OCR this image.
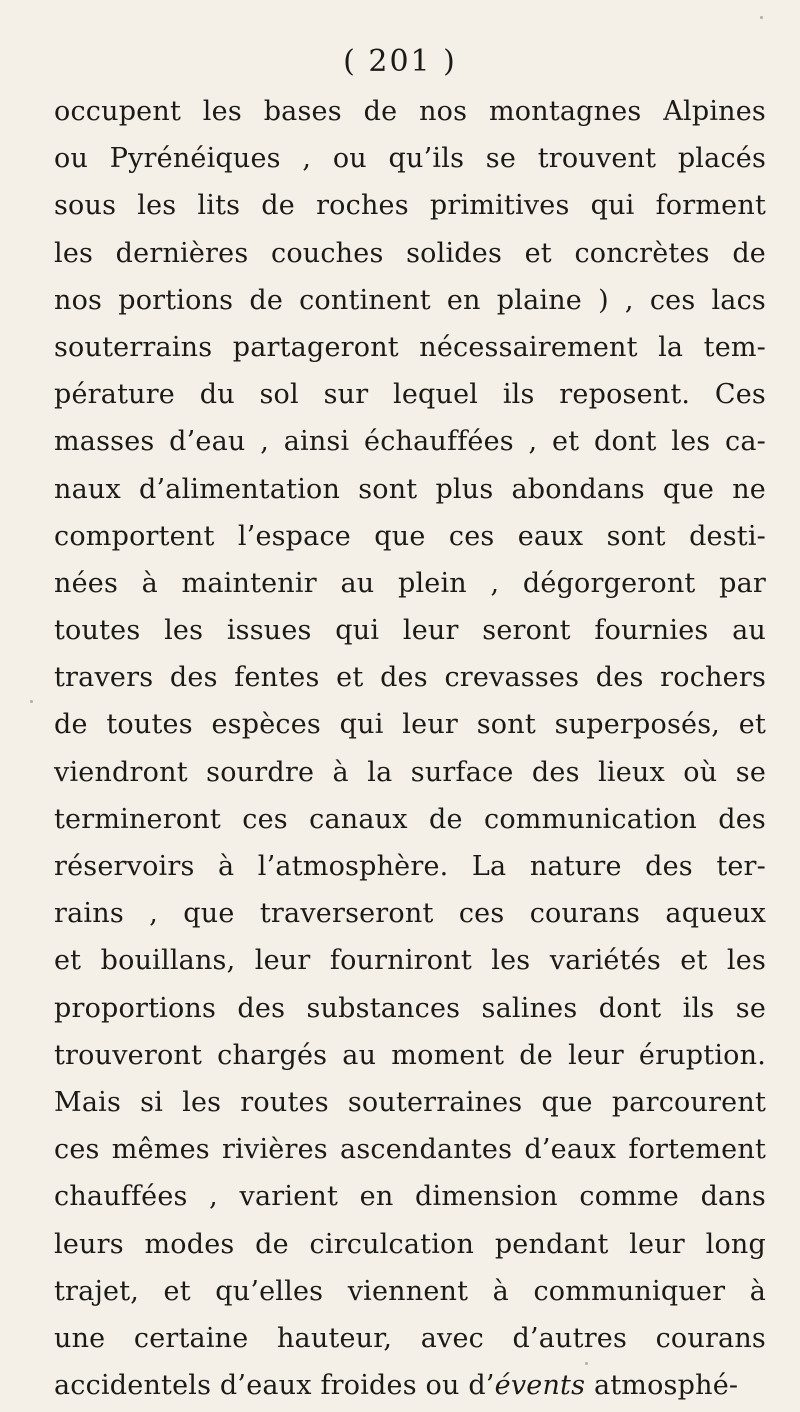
( 201 )
occupent les bases de nos montagnes Alpines
ou Pyrénéiques , ou qu’ils se trouvent placés
sous les lits de roches primitives qui forment
les dernières couches solides et concrètes de
nos portions de continent en plaine ) , ces lacs
souterrains partageront nécessairement la tem-
pérature du sol sur lequel ils reposent. Ces
masses d’eau , ainsi échauffées , et dont les ca-
naux d’alimentation sont plus abondans que ne
comportent l’espace que ces eaux sont desti-
nées à maintenir au plein , dégorgeront par
toutes les issues qui leur seront fournies au
travers des fentes et des crevasses des rochers
de toutes espèces qui leur sont superposés, et
viendront sourdre à la surface des lieux où se
termineront ces canaux de communication des
réservoirs à l’atmosphère. La nature des ter-
rains , que traverseront ces courans aqueux
et bouillans, leur fourniront les variétés et les
proportions des substances salines dont ils se
trouveront chargés au moment de leur éruption.
Mais si les routes souterraines que parcourent
ces mêmes rivières ascendantes d’eaux fortement
chauffées , varient en dimension comme dans
leurs modes de circulcation pendant leur long
trajet, et qu’elles viennent à communiquer à
une certaine hauteur, avec d’autres courans
accidentels d’eaux froides ou d’évents atmosphé-
